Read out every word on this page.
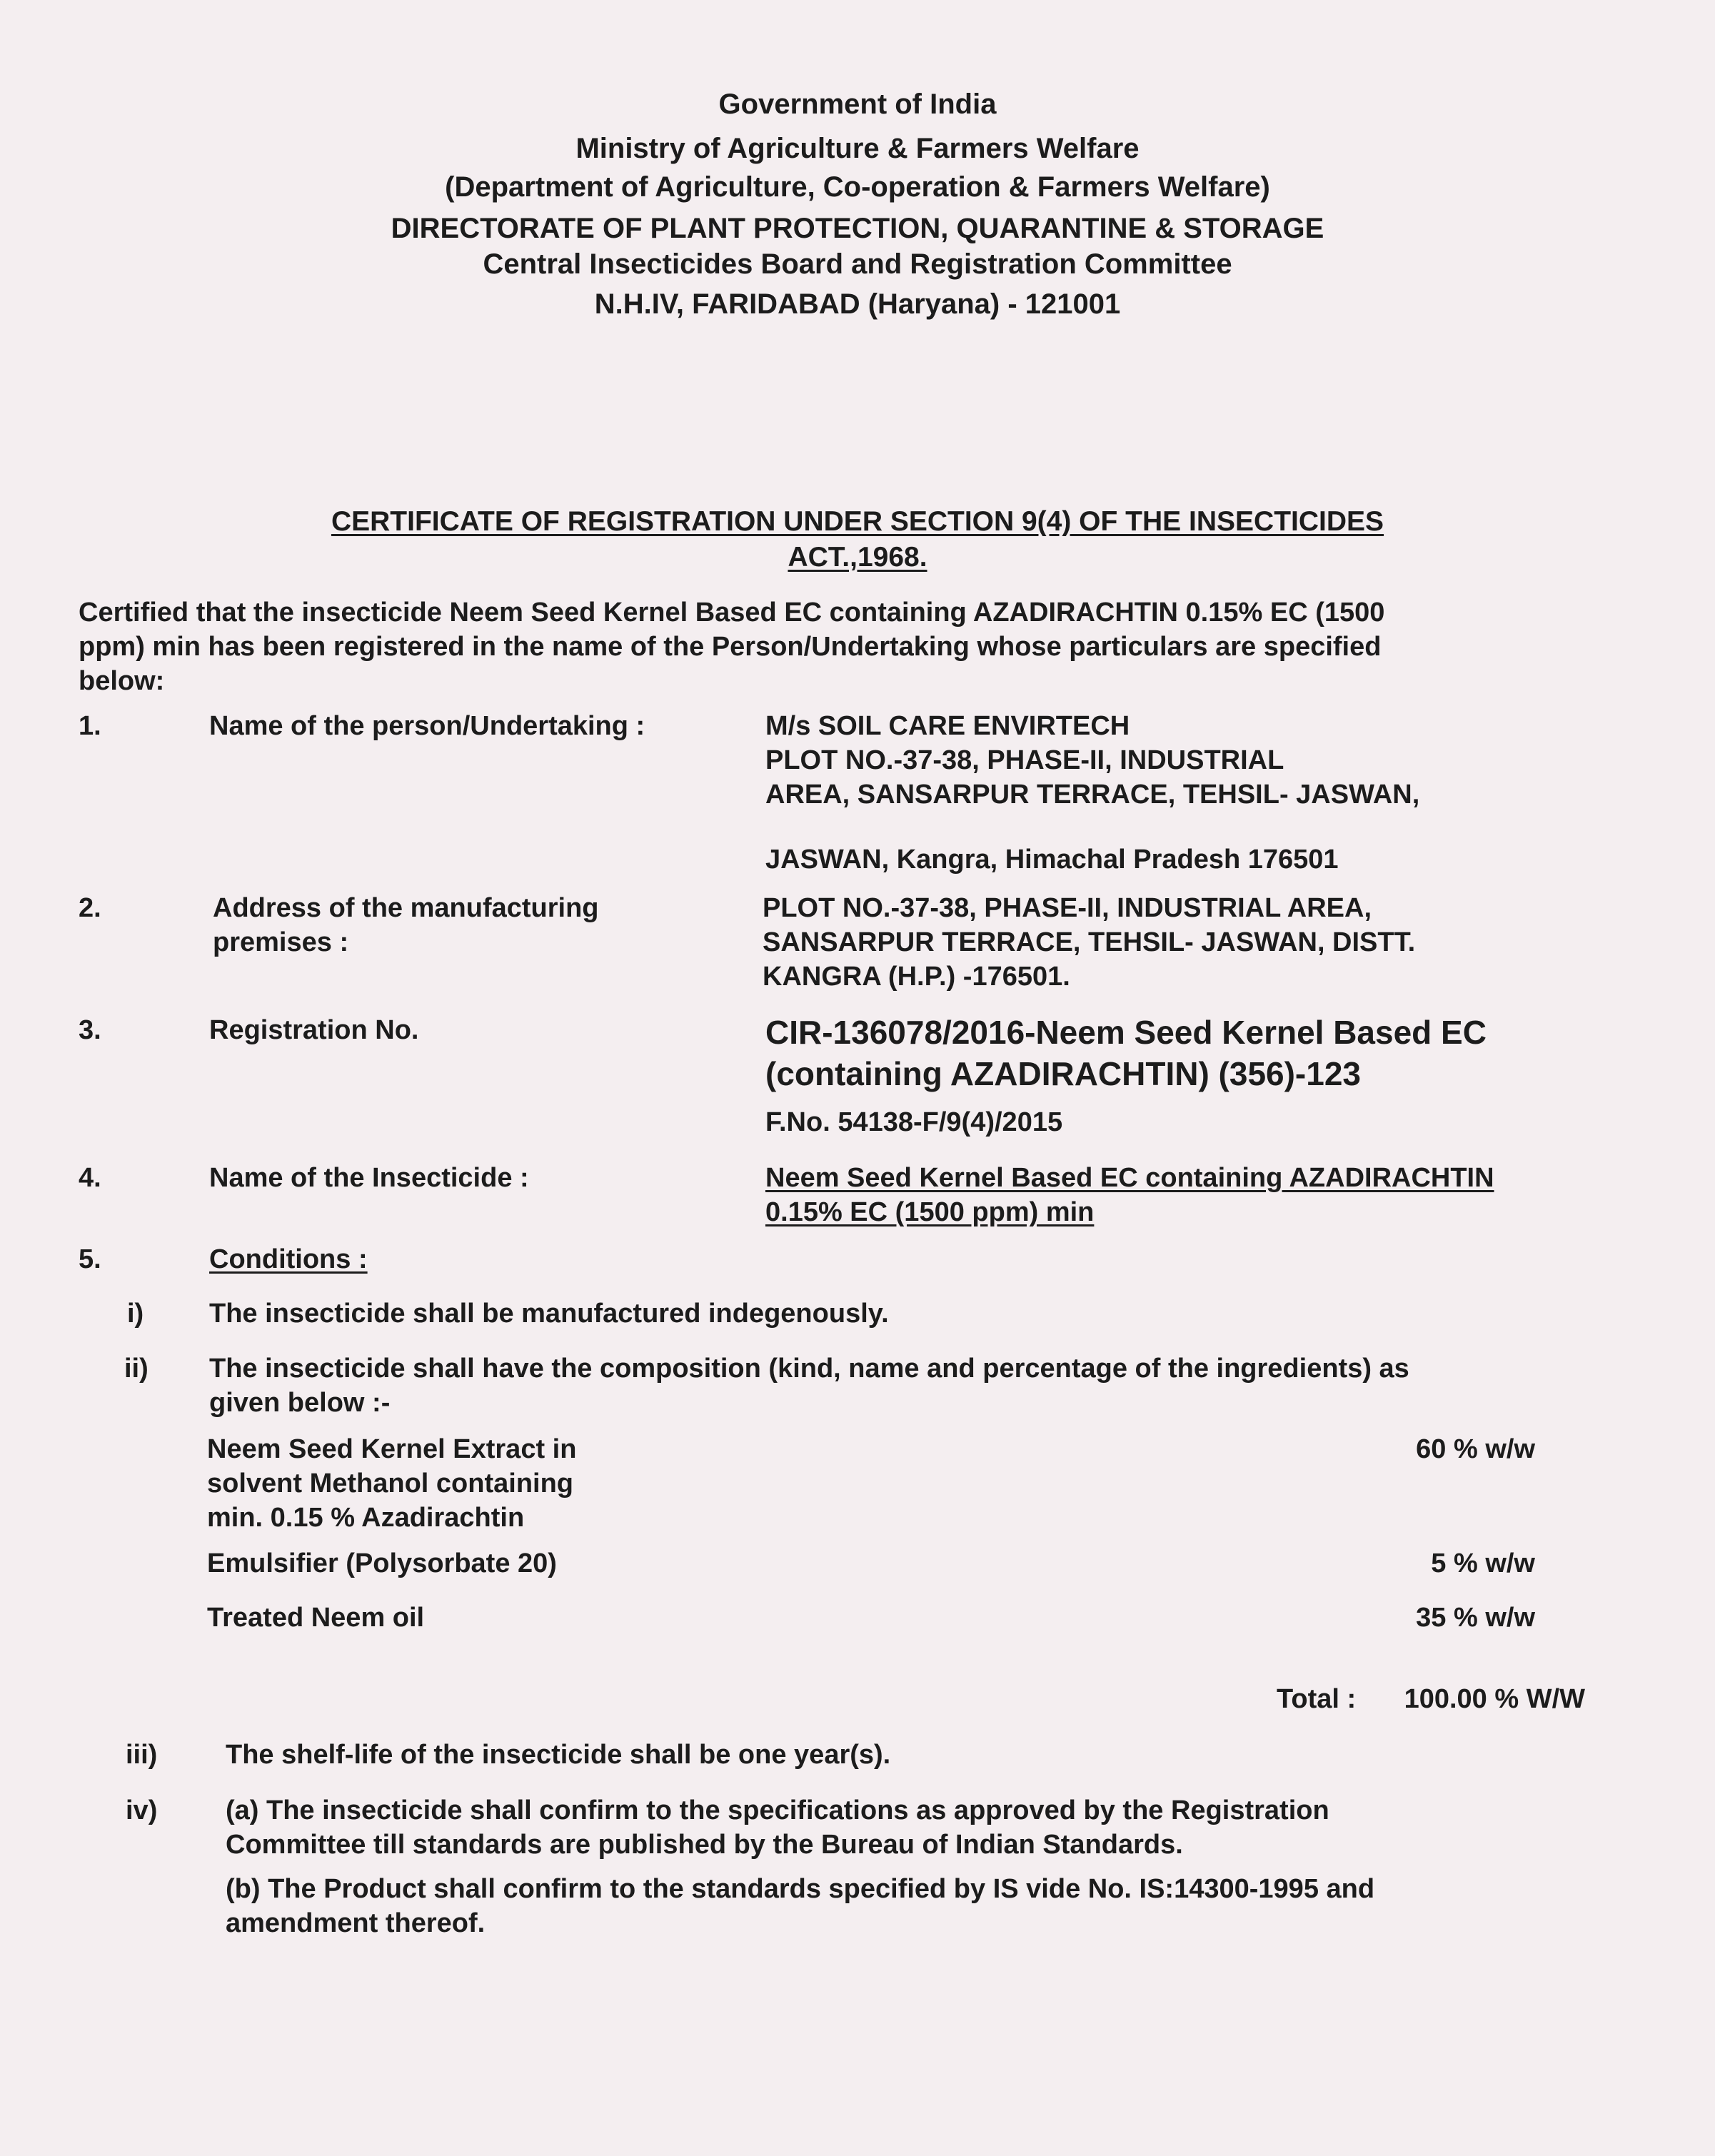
Government of India
Ministry of Agriculture & Farmers Welfare
(Department of Agriculture, Co-operation & Farmers Welfare)
DIRECTORATE OF PLANT PROTECTION, QUARANTINE & STORAGE
Central Insecticides Board and Registration Committee
N.H.IV, FARIDABAD (Haryana) - 121001
CERTIFICATE OF REGISTRATION UNDER SECTION 9(4) OF THE INSECTICIDES
ACT.,1968.
Certified that the insecticide Neem Seed Kernel Based EC containing AZADIRACHTIN 0.15% EC (1500
ppm) min has been registered in the name of the Person/Undertaking whose particulars are specified
below:
1.	Name of the person/Undertaking :	M/s SOIL CARE ENVIRTECH
PLOT NO.-37-38, PHASE-II, INDUSTRIAL
AREA, SANSARPUR TERRACE, TEHSIL- JASWAN,
JASWAN, Kangra, Himachal Pradesh 176501
2.	Address of the manufacturing
premises :
PLOT NO.-37-38, PHASE-II, INDUSTRIAL AREA,
SANSARPUR TERRACE, TEHSIL- JASWAN, DISTT.
KANGRA (H.P.) -176501.
3.	Registration No.	CIR-136078/2016-Neem Seed Kernel Based EC
(containing AZADIRACHTIN) (356)-123
F.No. 54138-F/9(4)/2015
4.	Name of the Insecticide :	Neem Seed Kernel Based EC containing AZADIRACHTIN
0.15% EC (1500 ppm) min
5.	Conditions :
i) The insecticide shall be manufactured indegenously.
ii) The insecticide shall have the composition (kind, name and percentage of the ingredients) as
given below :-
Neem Seed Kernel Extract in
solvent Methanol containing
min. 0.15 % Azadirachtin
60 % w/w
Emulsifier (Polysorbate 20)	5 % w/w
Treated Neem oil	35 % w/w
Total :	100.00 % W/W
iii)	The shelf-life of the insecticide shall be one year(s).
iv)	(a) The insecticide shall confirm to the specifications as approved by the Registration
Committee till standards are published by the Bureau of Indian Standards.
(b) The Product shall confirm to the standards specified by IS vide No. IS:14300-1995 and
amendment thereof.
